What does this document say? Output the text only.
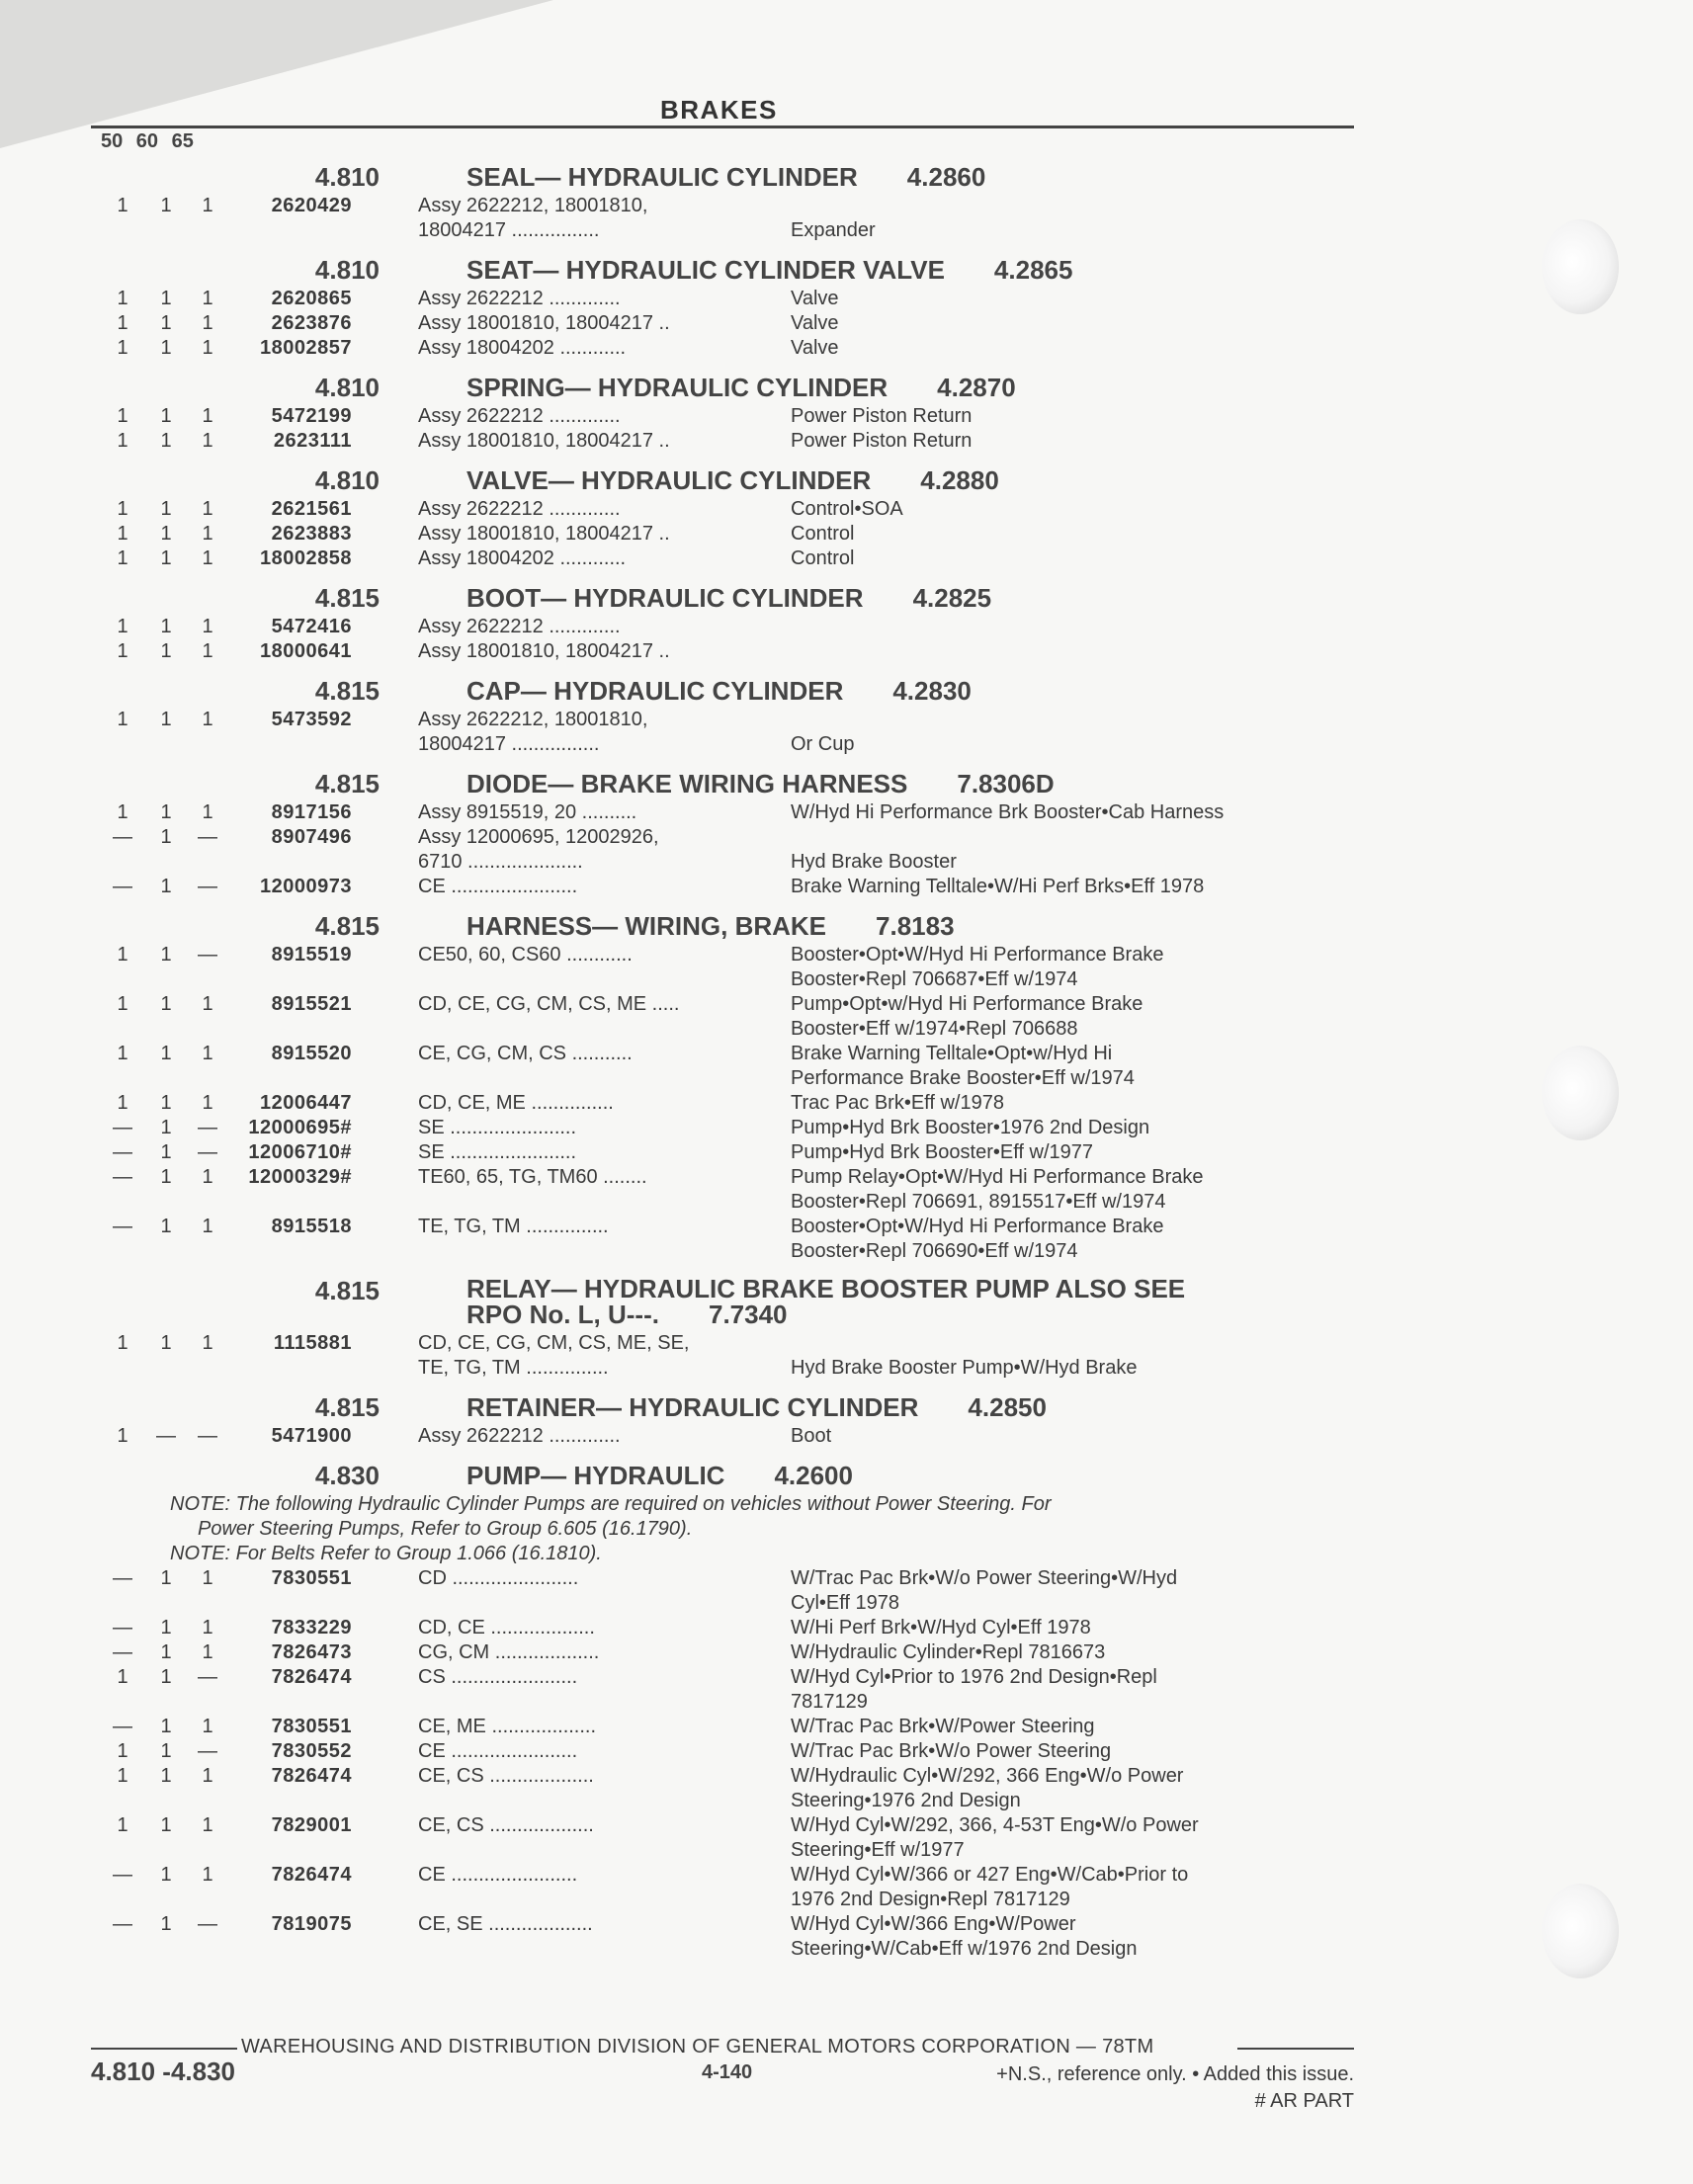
BRAKES
50 60 65
4.810	SEAL— HYDRAULIC CYLINDER 4.2860
1	1	1	2620429	Assy 2622212, 18001810,
18004217 ................	Expander
4.810	SEAT— HYDRAULIC CYLINDER VALVE 4.2865
1	1	1	2620865	Assy 2622212 .............	Valve
1	1	1	2623876	Assy 18001810, 18004217 ..	Valve
1	1	1	18002857	Assy 18004202 ............	Valve
4.810	SPRING— HYDRAULIC CYLINDER 4.2870
1	1	1	5472199	Assy 2622212 .............	Power Piston Return
1	1	1	2623111	Assy 18001810, 18004217 ..	Power Piston Return
4.810	VALVE— HYDRAULIC CYLINDER 4.2880
1	1	1	2621561	Assy 2622212 .............	Control•SOA
1	1	1	2623883	Assy 18001810, 18004217 ..	Control
1	1	1	18002858	Assy 18004202 ............	Control
4.815	BOOT— HYDRAULIC CYLINDER 4.2825
1	1	1	5472416	Assy 2622212 .............
1	1	1	18000641	Assy 18001810, 18004217 ..
4.815	CAP— HYDRAULIC CYLINDER 4.2830
1	1	1	5473592	Assy 2622212, 18001810,
18004217 ................	Or Cup
4.815	DIODE— BRAKE WIRING HARNESS 7.8306D
1	1	1	8917156	Assy 8915519, 20 ..........	W/Hyd Hi Performance Brk Booster•Cab Harness
—	1	—	8907496	Assy 12000695, 12002926,
6710 .....................	Hyd Brake Booster
—	1	—	12000973	CE .......................	Brake Warning Telltale•W/Hi Perf Brks•Eff 1978
4.815	HARNESS— WIRING, BRAKE 7.8183
1	1	—	8915519	CE50, 60, CS60 ............	Booster•Opt•W/Hyd Hi Performance Brake
Booster•Repl 706687•Eff w/1974
1	1	1	8915521	CD, CE, CG, CM, CS, ME .....	Pump•Opt•w/Hyd Hi Performance Brake
Booster•Eff w/1974•Repl 706688
1	1	1	8915520	CE, CG, CM, CS ...........	Brake Warning Telltale•Opt•w/Hyd Hi
Performance Brake Booster•Eff w/1974
1	1	1	12006447	CD, CE, ME ...............	Trac Pac Brk•Eff w/1978
—	1	—	12000695#	SE .......................	Pump•Hyd Brk Booster•1976 2nd Design
—	1	—	12006710#	SE .......................	Pump•Hyd Brk Booster•Eff w/1977
—	1	1	12000329#	TE60, 65, TG, TM60 ........	Pump Relay•Opt•W/Hyd Hi Performance Brake
Booster•Repl 706691, 8915517•Eff w/1974
—	1	1	8915518	TE, TG, TM ...............	Booster•Opt•W/Hyd Hi Performance Brake
Booster•Repl 706690•Eff w/1974
4.815	RELAY— HYDRAULIC BRAKE BOOSTER PUMP ALSO SEE
RPO No. L, U---. 7.7340
1	1	1	1115881	CD, CE, CG, CM, CS, ME, SE,
TE, TG, TM ...............	Hyd Brake Booster Pump•W/Hyd Brake
4.815	RETAINER— HYDRAULIC CYLINDER 4.2850
1	— —	5471900	Assy 2622212 .............	Boot
4.830	PUMP— HYDRAULIC 4.2600
NOTE: The following Hydraulic Cylinder Pumps are required on vehicles without Power Steering. For
Power Steering Pumps, Refer to Group 6.605 (16.1790).
NOTE: For Belts Refer to Group 1.066 (16.1810).
—	1	1	7830551	CD .......................	W/Trac Pac Brk•W/o Power Steering•W/Hyd
Cyl•Eff 1978
—	1	1	7833229	CD, CE ...................	W/Hi Perf Brk•W/Hyd Cyl•Eff 1978
—	1	1	7826473	CG, CM ...................	W/Hydraulic Cylinder•Repl 7816673
1	1	—	7826474	CS .......................	W/Hyd Cyl•Prior to 1976 2nd Design•Repl
7817129
—	1	1	7830551	CE, ME ...................	W/Trac Pac Brk•W/Power Steering
1	1	—	7830552	CE .......................	W/Trac Pac Brk•W/o Power Steering
1	1	1	7826474	CE, CS ...................	W/Hydraulic Cyl•W/292, 366 Eng•W/o Power
Steering•1976 2nd Design
1	1	1	7829001	CE, CS ...................	W/Hyd Cyl•W/292, 366, 4-53T Eng•W/o Power
Steering•Eff w/1977
—	1	1	7826474	CE .......................	W/Hyd Cyl•W/366 or 427 Eng•W/Cab•Prior to
1976 2nd Design•Repl 7817129
—	1	—	7819075	CE, SE ...................	W/Hyd Cyl•W/366 Eng•W/Power
Steering•W/Cab•Eff w/1976 2nd Design
WAREHOUSING AND DISTRIBUTION DIVISION OF GENERAL MOTORS CORPORATION — 78TM
4.810 -4.830	4-140	+N.S., reference only. • Added this issue.
# AR PART
